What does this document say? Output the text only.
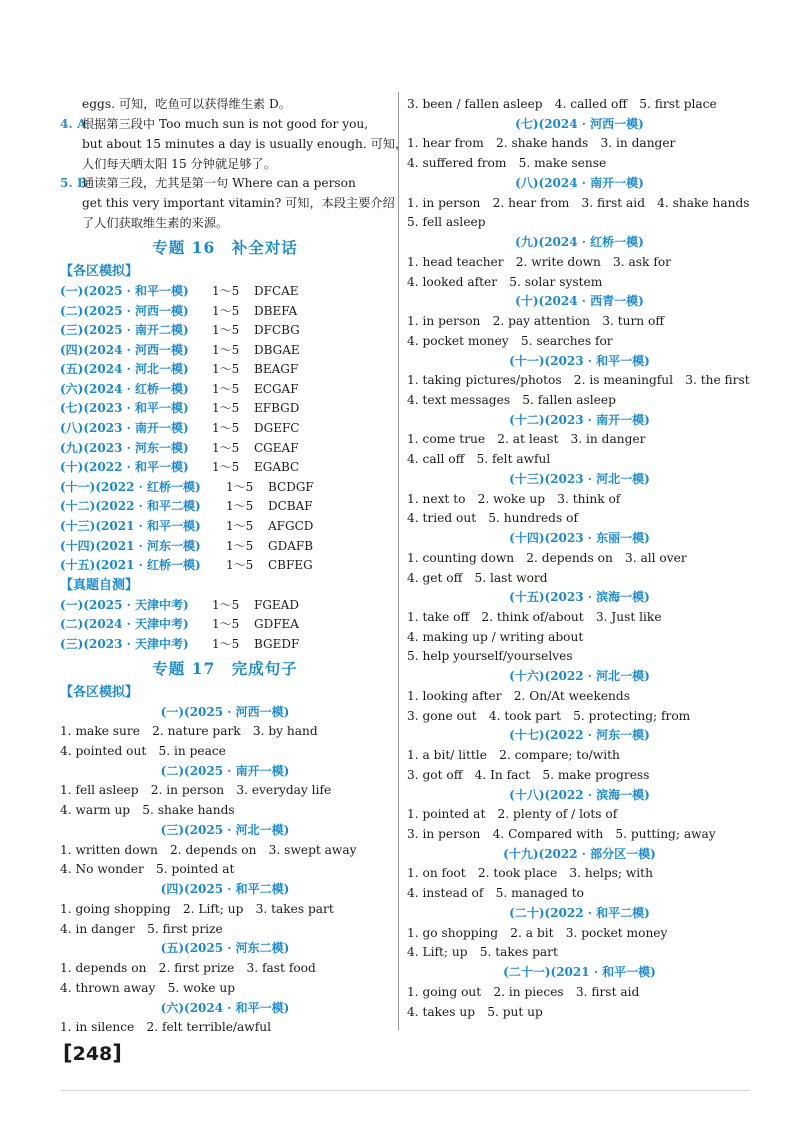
eggs. 可知，吃鱼可以获得维生素 D。
4. A根据第三段中 Too much sun is not good for you,
but about 15 minutes a day is usually enough. 可知，
人们每天晒太阳 15 分钟就足够了。
5. B通读第三段，尤其是第一句 Where can a person
get this very important vitamin? 可知，本段主要介绍
了人们获取维生素的来源。
专题 16　补全对话
【各区模拟】
(一)(2025 · 和平一模) 1～5 DFCAE
(二)(2025 · 河西一模) 1～5 DBEFA
(三)(2025 · 南开二模) 1～5 DFCBG
(四)(2024 · 河西一模) 1～5 DBGAE
(五)(2024 · 河北一模) 1～5 BEAGF
(六)(2024 · 红桥一模) 1～5 ECGAF
(七)(2023 · 和平一模) 1～5 EFBGD
(八)(2023 · 南开一模) 1～5 DGEFC
(九)(2023 · 河东一模) 1～5 CGEAF
(十)(2022 · 和平一模) 1～5 EGABC
(十一)(2022 · 红桥一模) 1～5 BCDGF
(十二)(2022 · 和平二模) 1～5 DCBAF
(十三)(2021 · 和平一模) 1～5 AFGCD
(十四)(2021 · 河东一模) 1～5 GDAFB
(十五)(2021 · 红桥一模) 1～5 CBFEG
【真题自测】
(一)(2025 · 天津中考) 1～5 FGEAD
(二)(2024 · 天津中考) 1～5 GDFEA
(三)(2023 · 天津中考) 1～5 BGEDF
专题 17　完成句子
【各区模拟】
(一)(2025 · 河西一模)
1. make sure　2. nature park　3. by hand
4. pointed out　5. in peace
(二)(2025 · 南开一模)
1. fell asleep　2. in person　3. everyday life
4. warm up　5. shake hands
(三)(2025 · 河北一模)
1. written down　2. depends on　3. swept away
4. No wonder　5. pointed at
(四)(2025 · 和平二模)
1. going shopping　2. Lift; up　3. takes part
4. in danger　5. first prize
(五)(2025 · 河东二模)
1. depends on　2. first prize　3. fast food
4. thrown away　5. woke up
(六)(2024 · 和平一模)
1. in silence　2. felt terrible/awful
3. been / fallen asleep　4. called off　5. first place
(七)(2024 · 河西一模)
1. hear from　2. shake hands　3. in danger
4. suffered from　5. make sense
(八)(2024 · 南开一模)
1. in person　2. hear from　3. first aid　4. shake hands
5. fell asleep
(九)(2024 · 红桥一模)
1. head teacher　2. write down　3. ask for
4. looked after　5. solar system
(十)(2024 · 西青一模)
1. in person　2. pay attention　3. turn off
4. pocket money　5. searches for
(十一)(2023 · 和平一模)
1. taking pictures/photos　2. is meaningful　3. the first
4. text messages　5. fallen asleep
(十二)(2023 · 南开一模)
1. come true　2. at least　3. in danger
4. call off　5. felt awful
(十三)(2023 · 河北一模)
1. next to　2. woke up　3. think of
4. tried out　5. hundreds of
(十四)(2023 · 东丽一模)
1. counting down　2. depends on　3. all over
4. get off　5. last word
(十五)(2023 · 滨海一模)
1. take off　2. think of/about　3. Just like
4. making up / writing about
5. help yourself/yourselves
(十六)(2022 · 河北一模)
1. looking after　2. On/At weekends
3. gone out　4. took part　5. protecting; from
(十七)(2022 · 河东一模)
1. a bit/ little　2. compare; to/with
3. got off　4. In fact　5. make progress
(十八)(2022 · 滨海一模)
1. pointed at　2. plenty of / lots of
3. in person　4. Compared with　5. putting; away
(十九)(2022 · 部分区一模)
1. on foot　2. took place　3. helps; with
4. instead of　5. managed to
(二十)(2022 · 和平二模)
1. go shopping　2. a bit　3. pocket money
4. Lift; up　5. takes part
(二十一)(2021 · 和平一模)
1. going out　2. in pieces　3. first aid
4. takes up　5. put up
[248]
